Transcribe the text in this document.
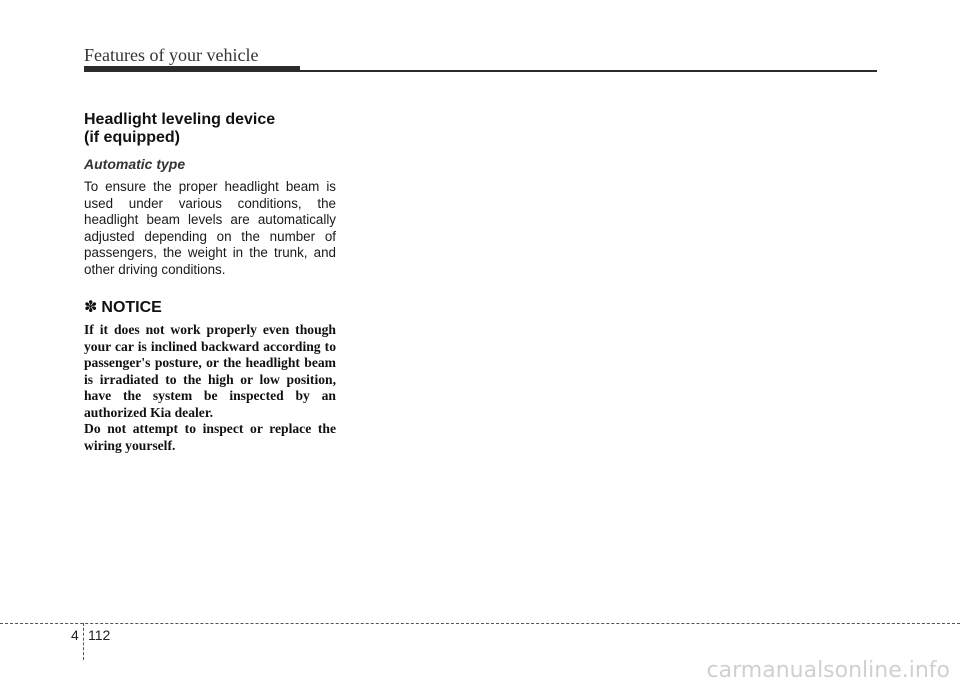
Features of your vehicle
Headlight leveling device
(if equipped)
Automatic type

To ensure the proper headlight beam is used under various conditions, the headlight beam levels are automatically adjusted depending on the number of passengers, the weight in the trunk, and other driving conditions.

✽ NOTICE

If it does not work properly even though your car is inclined backward according to passenger's posture, or the headlight beam is irradiated to the high or low position, have the system be inspected by an authorized Kia dealer.

Do not attempt to inspect or replace the wiring yourself.

4 112
carmanualsonline.info
